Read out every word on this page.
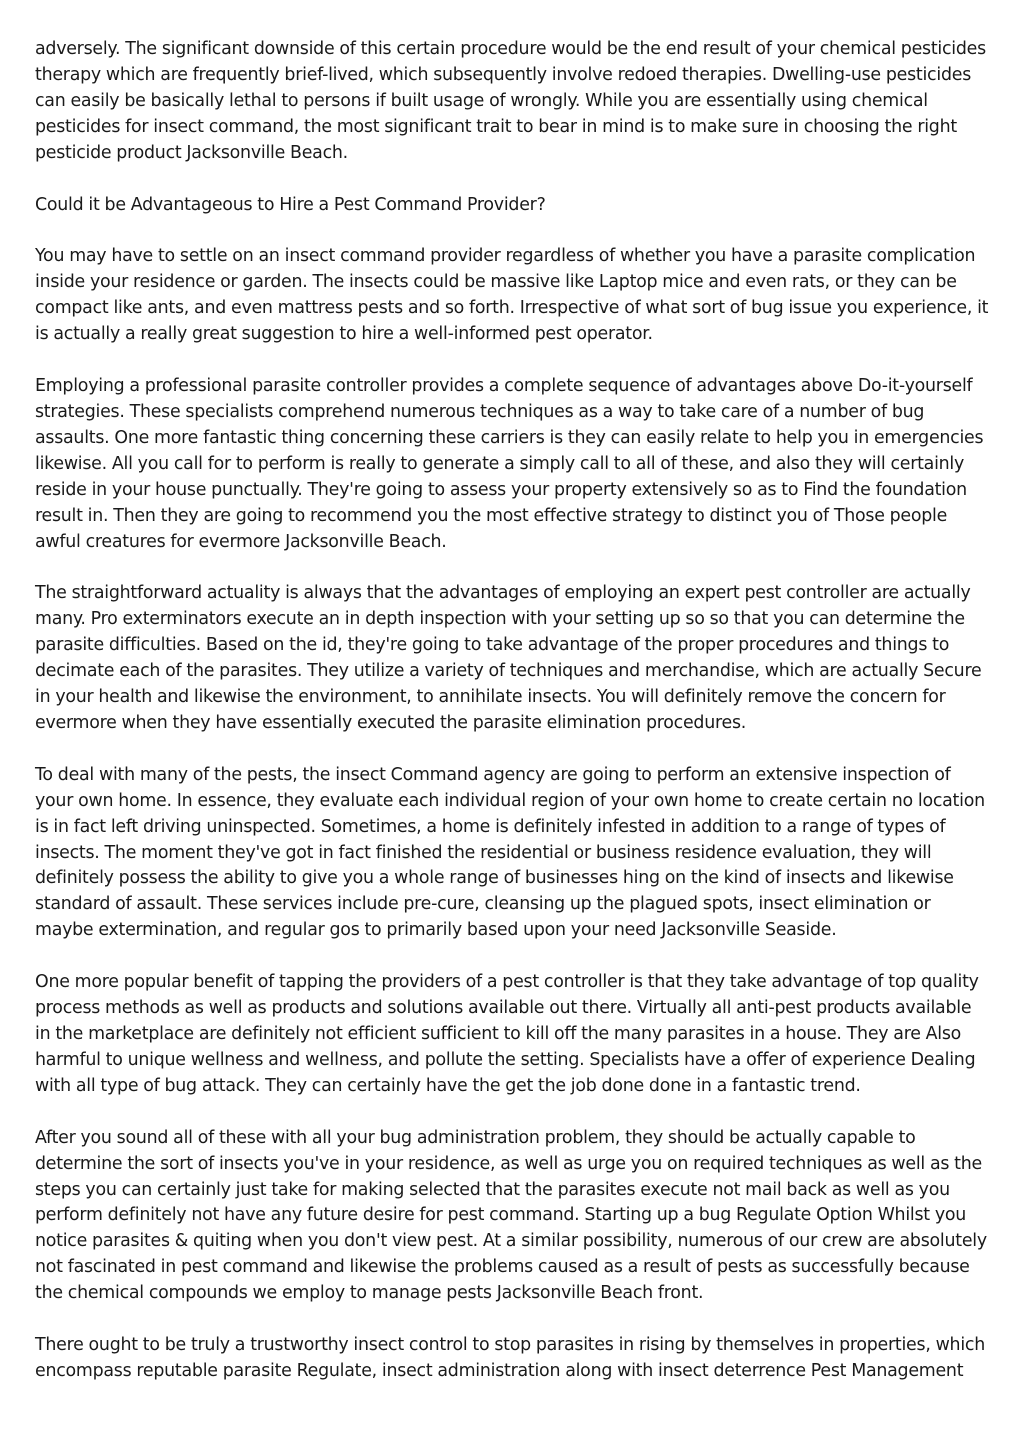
adversely. The significant downside of this certain procedure would be the end result of your chemical pesticides therapy which are frequently brief-lived, which subsequently involve redoed therapies. Dwelling-use pesticides can easily be basically lethal to persons if built usage of wrongly. While you are essentially using chemical pesticides for insect command, the most significant trait to bear in mind is to make sure in choosing the right pesticide product Jacksonville Beach.

Could it be Advantageous to Hire a Pest Command Provider?

You may have to settle on an insect command provider regardless of whether you have a parasite complication inside your residence or garden. The insects could be massive like Laptop mice and even rats, or they can be compact like ants, and even mattress pests and so forth. Irrespective of what sort of bug issue you experience, it is actually a really great suggestion to hire a well-informed pest operator.

Employing a professional parasite controller provides a complete sequence of advantages above Do-it-yourself strategies. These specialists comprehend numerous techniques as a way to take care of a number of bug assaults. One more fantastic thing concerning these carriers is they can easily relate to help you in emergencies likewise. All you call for to perform is really to generate a simply call to all of these, and also they will certainly reside in your house punctually. They're going to assess your property extensively so as to Find the foundation result in. Then they are going to recommend you the most effective strategy to distinct you of Those people awful creatures for evermore Jacksonville Beach.

The straightforward actuality is always that the advantages of employing an expert pest controller are actually many. Pro exterminators execute an in depth inspection with your setting up so so that you can determine the parasite difficulties. Based on the id, they're going to take advantage of the proper procedures and things to decimate each of the parasites. They utilize a variety of techniques and merchandise, which are actually Secure in your health and likewise the environment, to annihilate insects. You will definitely remove the concern for evermore when they have essentially executed the parasite elimination procedures.

To deal with many of the pests, the insect Command agency are going to perform an extensive inspection of your own home. In essence, they evaluate each individual region of your own home to create certain no location is in fact left driving uninspected. Sometimes, a home is definitely infested in addition to a range of types of insects. The moment they've got in fact finished the residential or business residence evaluation, they will definitely possess the ability to give you a whole range of businesses hing on the kind of insects and likewise standard of assault. These services include pre-cure, cleansing up the plagued spots, insect elimination or maybe extermination, and regular gos to primarily based upon your need Jacksonville Seaside.

One more popular benefit of tapping the providers of a pest controller is that they take advantage of top quality process methods as well as products and solutions available out there. Virtually all anti-pest products available in the marketplace are definitely not efficient sufficient to kill off the many parasites in a house. They are Also harmful to unique wellness and wellness, and pollute the setting. Specialists have a offer of experience Dealing with all type of bug attack. They can certainly have the get the job done done in a fantastic trend.

After you sound all of these with all your bug administration problem, they should be actually capable to determine the sort of insects you've in your residence, as well as urge you on required techniques as well as the steps you can certainly just take for making selected that the parasites execute not mail back as well as you perform definitely not have any future desire for pest command. Starting up a bug Regulate Option Whilst you notice parasites & quiting when you don't view pest. At a similar possibility, numerous of our crew are absolutely not fascinated in pest command and likewise the problems caused as a result of pests as successfully because the chemical compounds we employ to manage pests Jacksonville Beach front.

There ought to be truly a trustworthy insect control to stop parasites in rising by themselves in properties, which encompass reputable parasite Regulate, insect administration along with insect deterrence Pest Management
